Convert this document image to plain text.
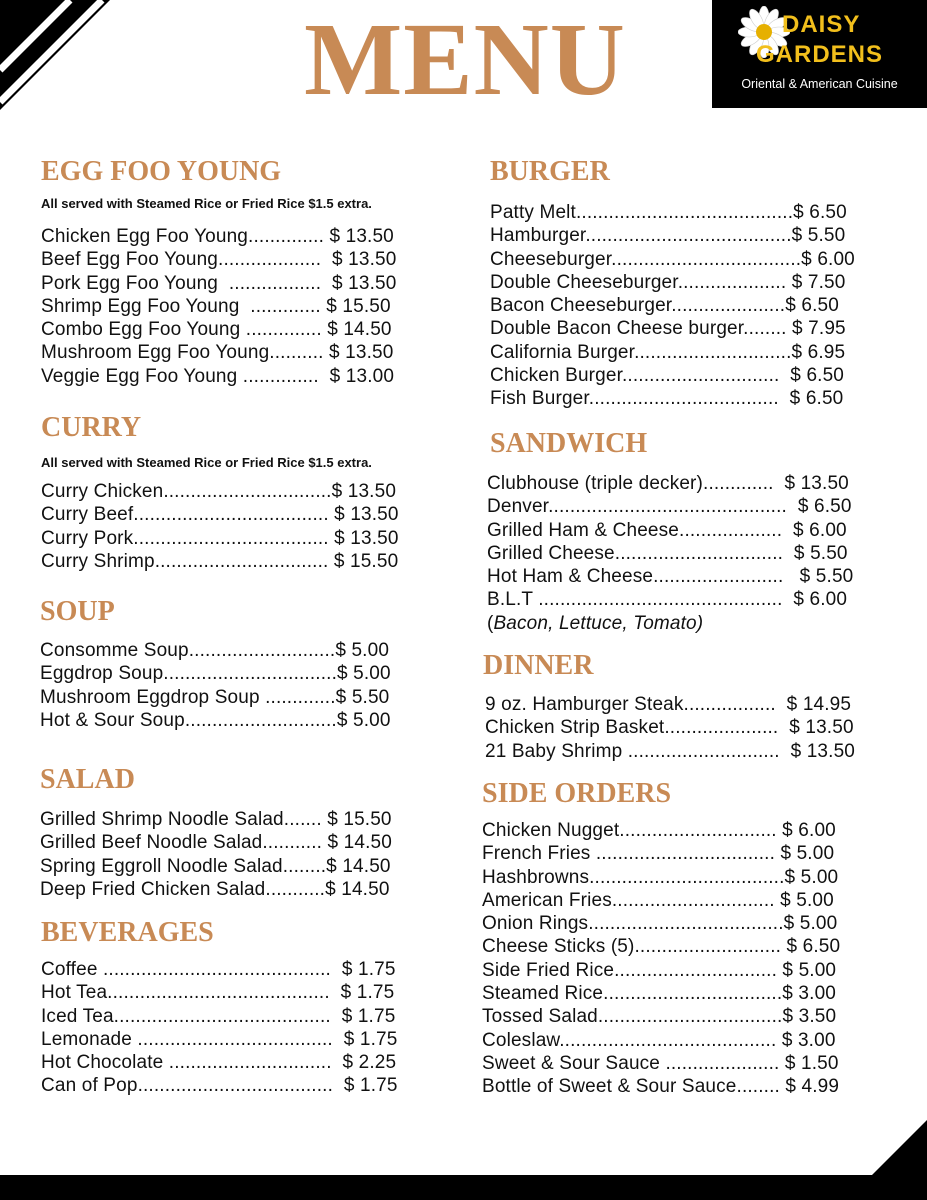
MENU	DAISY
GARDENS
Oriental & American Cuisine
EGG FOO YOUNG
All served with Steamed Rice or Fried Rice $1.5 extra.
Chicken Egg Foo Young.............. $ 13.50
Beef Egg Foo Young...................  $ 13.50
Pork Egg Foo Young  .................  $ 13.50
Shrimp Egg Foo Young  ............. $ 15.50
Combo Egg Foo Young .............. $ 14.50
Mushroom Egg Foo Young.......... $ 13.50
Veggie Egg Foo Young ..............  $ 13.00
CURRY
All served with Steamed Rice or Fried Rice $1.5 extra.
Curry Chicken...............................$ 13.50
Curry Beef.................................... $ 13.50
Curry Pork.................................... $ 13.50
Curry Shrimp................................ $ 15.50
SOUP
Consomme Soup...........................$ 5.00
Eggdrop Soup................................$ 5.00
Mushroom Eggdrop Soup .............$ 5.50
Hot & Sour Soup............................$ 5.00
SALAD
Grilled Shrimp Noodle Salad....... $ 15.50
Grilled Beef Noodle Salad........... $ 14.50
Spring Eggroll Noodle Salad........$ 14.50
Deep Fried Chicken Salad...........$ 14.50
BEVERAGES
Coffee ..........................................  $ 1.75
Hot Tea.........................................  $ 1.75
Iced Tea........................................  $ 1.75
Lemonade ....................................  $ 1.75
Hot Chocolate ..............................  $ 2.25
Can of Pop....................................  $ 1.75
BURGER
Patty Melt........................................$ 6.50
Hamburger......................................$ 5.50
Cheeseburger...................................$ 6.00
Double Cheeseburger.................... $ 7.50
Bacon Cheeseburger.....................$ 6.50
Double Bacon Cheese burger........ $ 7.95
California Burger.............................$ 6.95
Chicken Burger.............................  $ 6.50
Fish Burger...................................  $ 6.50
SANDWICH
Clubhouse (triple decker).............  $ 13.50
Denver............................................  $ 6.50
Grilled Ham & Cheese...................  $ 6.00
Grilled Cheese...............................  $ 5.50
Hot Ham & Cheese........................   $ 5.50
B.L.T .............................................  $ 6.00
(Bacon, Lettuce, Tomato)
DINNER
9 oz. Hamburger Steak.................  $ 14.95
Chicken Strip Basket.....................  $ 13.50
21 Baby Shrimp ............................  $ 13.50
SIDE ORDERS
Chicken Nugget............................. $ 6.00
French Fries ................................. $ 5.00
Hashbrowns....................................$ 5.00
American Fries.............................. $ 5.00
Onion Rings....................................$ 5.00
Cheese Sticks (5)........................... $ 6.50
Side Fried Rice.............................. $ 5.00
Steamed Rice.................................$ 3.00
Tossed Salad..................................$ 3.50
Coleslaw........................................ $ 3.00
Sweet & Sour Sauce ..................... $ 1.50
Bottle of Sweet & Sour Sauce........ $ 4.99
